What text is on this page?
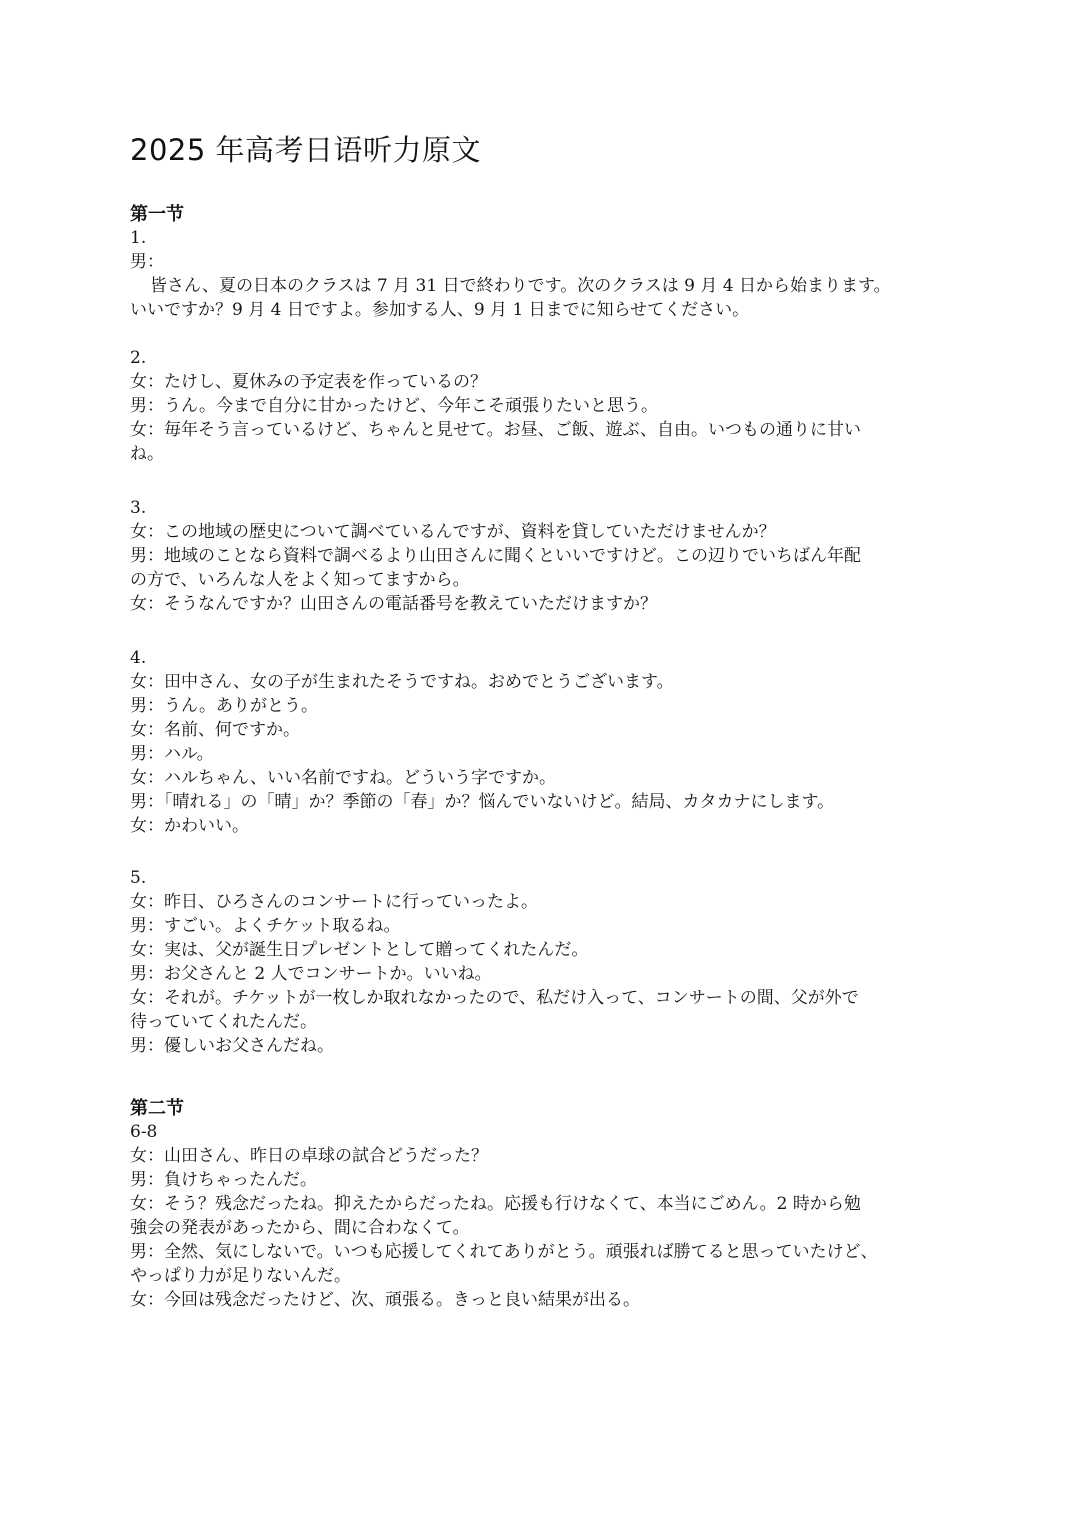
2025 年高考日语听力原文
第一节
1.
男：
皆さん、夏の日本のクラスは 7 月 31 日で終わりです。次のクラスは 9 月 4 日から始まります。
いいですか？9 月 4 日ですよ。参加する人、9 月 1 日までに知らせてください。
2.
女：たけし、夏休みの予定表を作っているの？
男：うん。今まで自分に甘かったけど、今年こそ頑張りたいと思う。
女：毎年そう言っているけど、ちゃんと見せて。お昼、ご飯、遊ぶ、自由。いつもの通りに甘い
ね。
3.
女：この地域の歴史について調べているんですが、資料を貸していただけませんか？
男：地域のことなら資料で調べるより山田さんに聞くといいですけど。この辺りでいちばん年配
の方で、いろんな人をよく知ってますから。
女：そうなんですか？山田さんの電話番号を教えていただけますか？
4.
女：田中さん、女の子が生まれたそうですね。おめでとうございます。
男：うん。ありがとう。
女：名前、何ですか。
男：ハル。
女：ハルちゃん、いい名前ですね。どういう字ですか。
男：「晴れる」の「晴」か？季節の「春」か？悩んでいないけど。結局、カタカナにします。
女：かわいい。
5.
女：昨日、ひろさんのコンサートに行っていったよ。
男：すごい。よくチケット取るね。
女：実は、父が誕生日プレゼントとして贈ってくれたんだ。
男：お父さんと 2 人でコンサートか。いいね。
女：それが。チケットが一枚しか取れなかったので、私だけ入って、コンサートの間、父が外で
待っていてくれたんだ。
男：優しいお父さんだね。
第二节
6-8
女：山田さん、昨日の卓球の試合どうだった？
男：負けちゃったんだ。
女：そう？残念だったね。抑えたからだったね。応援も行けなくて、本当にごめん。2 時から勉
強会の発表があったから、間に合わなくて。
男：全然、気にしないで。いつも応援してくれてありがとう。頑張れば勝てると思っていたけど、
やっぱり力が足りないんだ。
女：今回は残念だったけど、次、頑張る。きっと良い結果が出る。
